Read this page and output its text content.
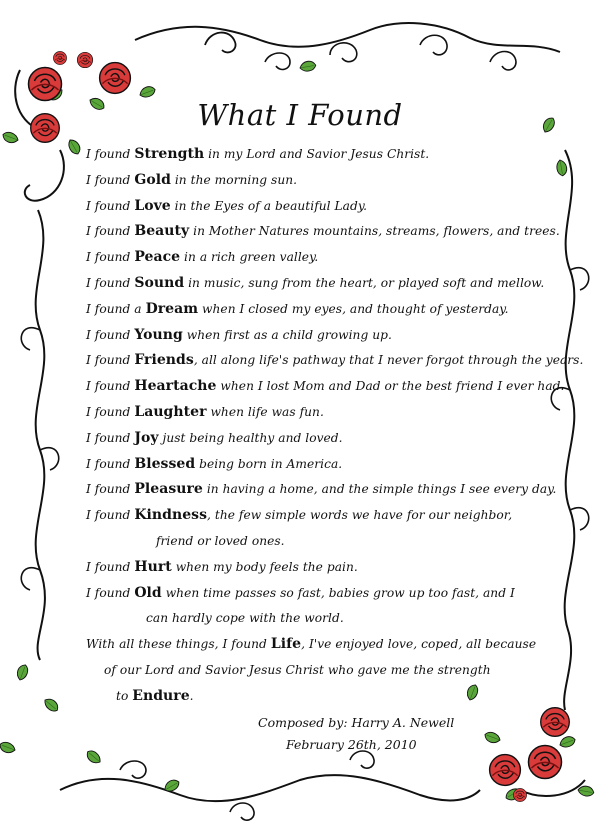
What I Found
I found Strength in my Lord and Savior Jesus Christ.
I found Gold in the morning sun.
I found Love in the Eyes of a beautiful Lady.
I found Beauty in Mother Natures mountains, streams, flowers, and trees.
I found Peace in a rich green valley.
I found Sound in music, sung from the heart, or played soft and mellow.
I found a Dream when I closed my eyes, and thought of yesterday.
I found Young when first as a child growing up.
I found Friends, all along life's pathway that I never forgot through the years.
I found Heartache when I lost Mom and Dad or the best friend I ever had.
I found Laughter when life was fun.
I found Joy just being healthy and loved.
I found Blessed being born in America.
I found Pleasure in having a home, and the simple things I see every day.
I found Kindness, the few simple words we have for our neighbor,
friend or loved ones.
I found Hurt when my body feels the pain.
I found Old when time passes so fast, babies grow up too fast, and I
can hardly cope with the world.
With all these things, I found Life, I've enjoyed love, coped, all because
of our Lord and Savior Jesus Christ who gave me the strength
to Endure.
Composed by: Harry A. Newell
February 26th, 2010
